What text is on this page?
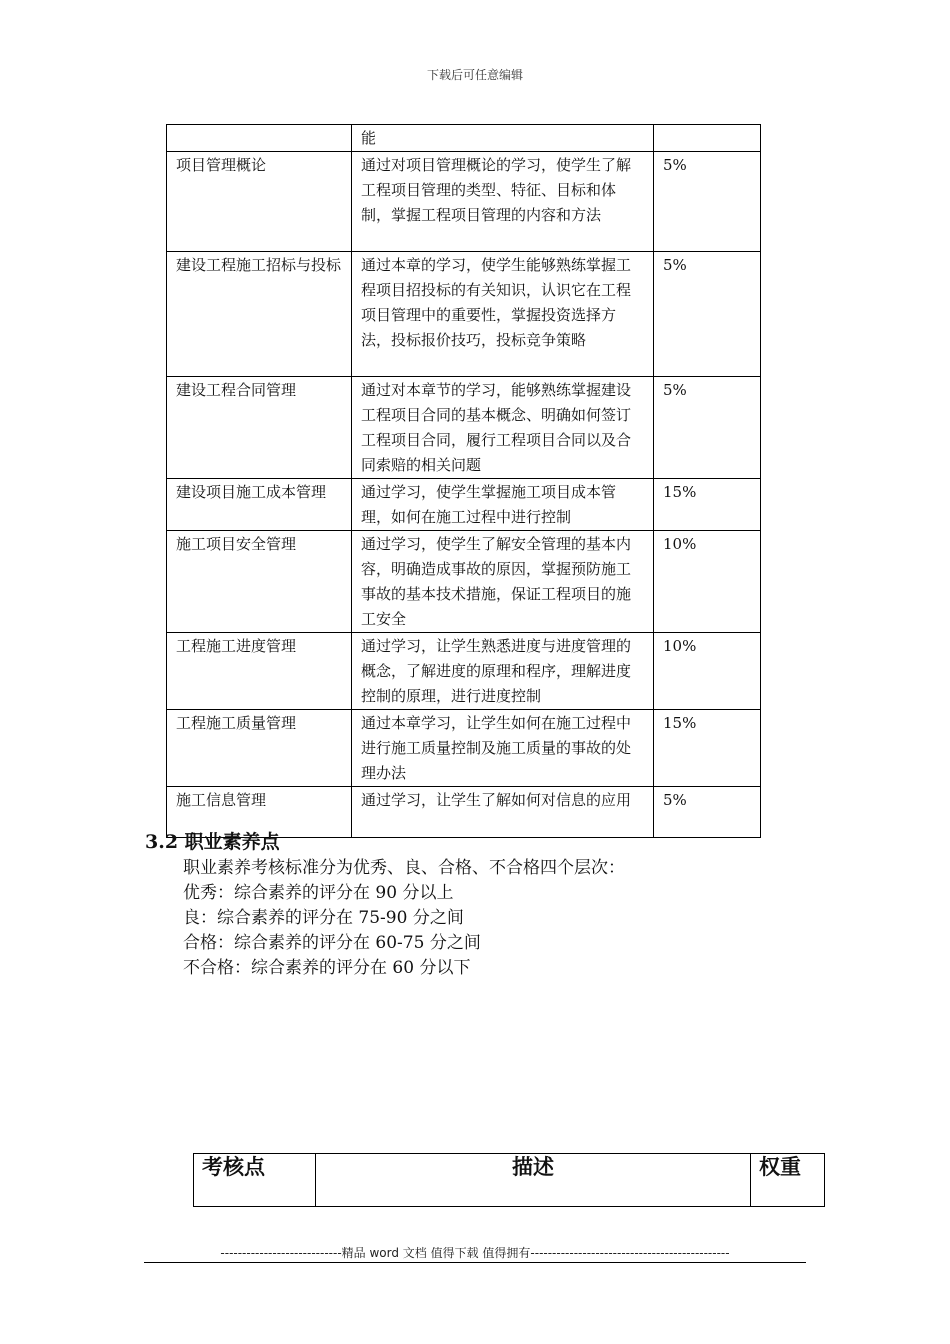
下载后可任意编辑
	能	
项目管理概论	通过对项目管理概论的学习，使学生了解工程项目管理的类型、特征、目标和体制，掌握工程项目管理的内容和方法	5%
建设工程施工招标与投标	通过本章的学习，使学生能够熟练掌握工程项目招投标的有关知识，认识它在工程项目管理中的重要性，掌握投资选择方法，投标报价技巧，投标竞争策略	5%
建设工程合同管理	通过对本章节的学习，能够熟练掌握建设工程项目合同的基本概念、明确如何签订工程项目合同，履行工程项目合同以及合同索赔的相关问题	5%
建设项目施工成本管理	通过学习，使学生掌握施工项目成本管理，如何在施工过程中进行控制	15%
施工项目安全管理	通过学习，使学生了解安全管理的基本内容，明确造成事故的原因，掌握预防施工事故的基本技术措施，保证工程项目的施工安全	10%
工程施工进度管理	通过学习，让学生熟悉进度与进度管理的概念，了解进度的原理和程序，理解进度控制的原理，进行进度控制	10%
工程施工质量管理	通过本章学习，让学生如何在施工过程中进行施工质量控制及施工质量的事故的处理办法	15%
施工信息管理	通过学习，让学生了解如何对信息的应用	5%
3.2 职业素养点
职业素养考核标准分为优秀、良、合格、不合格四个层次：
优秀：综合素养的评分在 90 分以上
良：综合素养的评分在 75-90 分之间
合格：综合素养的评分在 60-75 分之间
不合格：综合素养的评分在 60 分以下
考核点	描述	权重
----------------------------精品 word 文档 值得下载 值得拥有----------------------------------------------
